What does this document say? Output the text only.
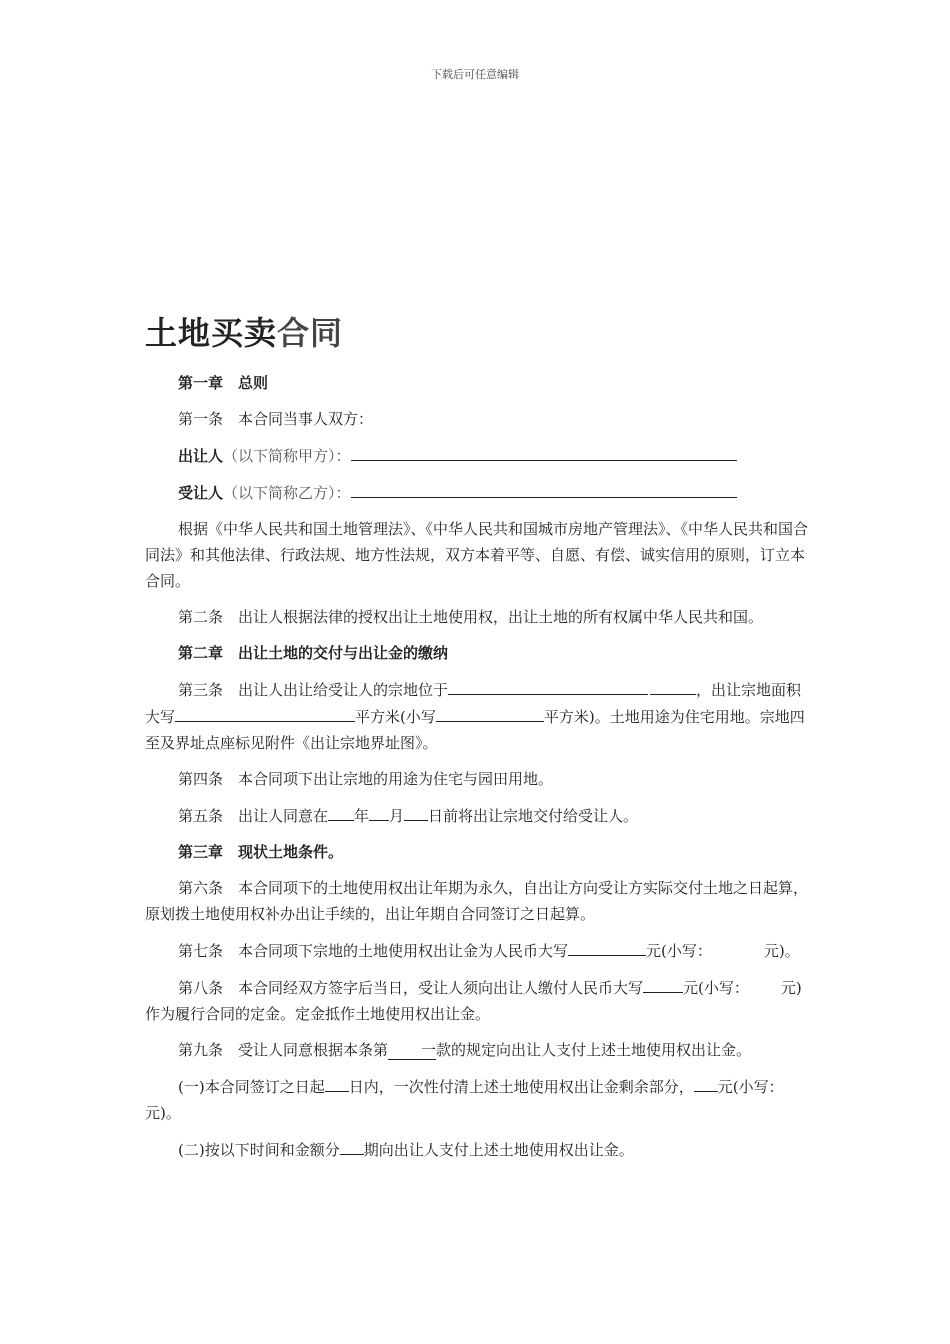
下载后可任意编辑
土地买卖合同

第一章　总则

第一条　本合同当事人双方：

出让人（以下简称甲方）：

受让人（以下简称乙方）：

根据《中华人民共和国土地管理法》、《中华人民共和国城市房地产管理法》、《中华人民共和国合同法》和其他法律、行政法规、地方性法规，双方本着平等、自愿、有偿、诚实信用的原则，订立本合同。

第二条　出让人根据法律的授权出让土地使用权，出让土地的所有权属中华人民共和国。

第二章　出让土地的交付与出让金的缴纳

第三条　出让人出让给受让人的宗地位于	，出让宗地面积大写	平方米(小写	平方米)。土地用途为住宅用地。宗地四至及界址点座标见附件《出让宗地界址图》。

第四条　本合同项下出让宗地的用途为住宅与园田用地。

第五条　出让人同意在 年 月 日前将出让宗地交付给受让人。

第三章　现状土地条件。

第六条　本合同项下的土地使用权出让年期为永久，自出让方向受让方实际交付土地之日起算，原划拨土地使用权补办出让手续的，出让年期自合同签订之日起算。

第七条　本合同项下宗地的土地使用权出让金为人民币大写	元(小写：	元)。

第八条　本合同经双方签字后当日，受让人须向出让人缴付人民币大写	元(小写： 元)作为履行合同的定金。定金抵作土地使用权出让金。

第九条　受让人同意根据本条第 一款的规定向出让人支付上述土地使用权出让金。

(一)本合同签订之日起 日内，一次性付清上述土地使用权出让金剩余部分， 元(小写：　　元)。

(二)按以下时间和金额分 期向出让人支付上述土地使用权出让金。
